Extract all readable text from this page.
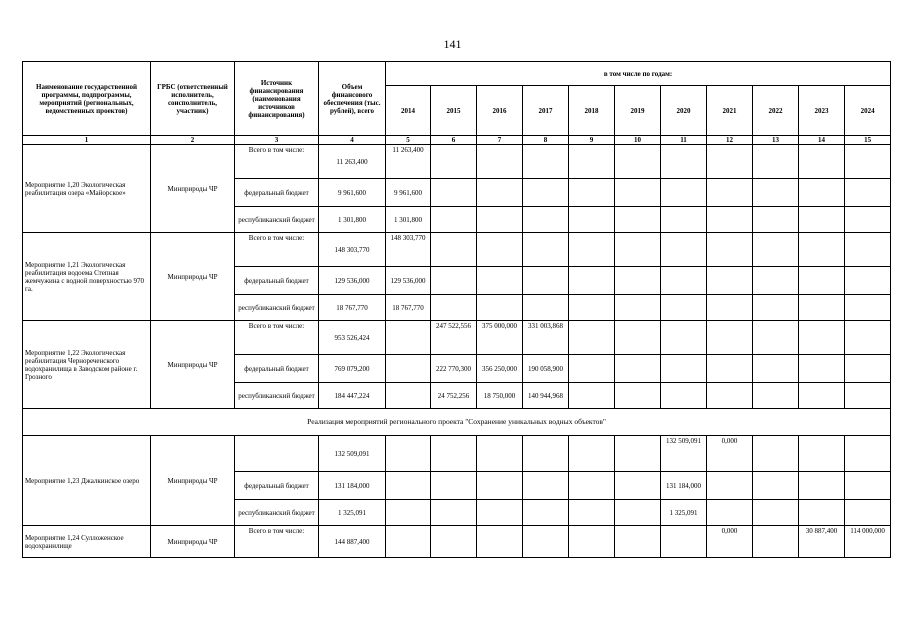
141
Наименование государственной программы, подпрограммы, мероприятий (региональных, ведомственных проектов)	ГРБС (ответственный исполнитель, соисполнитель, участник)	Источник финансирования (наименования источников финансирования)	Объем финансового обеспечения (тыс. рублей), всего	в том числе по годам:										
				2014	2015	2016	2017	2018	2019	2020	2021	2022	2023	2024
1	2	3	4	5	6	7	8	9	10	11	12	13	14	15
Мероприятие 1,20 Экологическая реабилитация озера «Майорское»	Минприроды ЧР	Всего в том числе:	11 263,400	11 263,400										
		федеральный бюджет	9 961,600	9 961,600										
		республиканский бюджет	1 301,800	1 301,800										
Мероприятие 1,21 Экологическая реабилитация водоема Степная жемчужина с водной поверхностью 970 га.	Минприроды ЧР	Всего в том числе:	148 303,770	148 303,770										
		федеральный бюджет	129 536,000	129 536,000										
		республиканский бюджет	18 767,770	18 767,770										
Мероприятие 1,22 Экологическая реабилитация Чернореченского водохранилища в Заводском районе г. Грозного	Минприроды ЧР	Всего в том числе:	953 526,424		247 522,556	375 000,000	331 003,868							
		федеральный бюджет	769 079,200		222 770,300	356 250,000	190 058,900							
		республиканский бюджет	184 447,224		24 752,256	18 750,000	140 944,968							
Реализация мероприятий регионального проекта "Сохранение уникальных водных объектов"														
Мероприятие 1,23 Джалкинское озеро	Минприроды ЧР		132 509,091							132 509,091	0,000			
		федеральный бюджет	131 184,000							131 184,000				
		республиканский бюджет	1 325,091							1 325,091				
Мероприятие 1,24 Сулложенское водохранилище	Минприроды ЧР	Всего в том числе:	144 887,400								0,000		30 887,400	114 000,000
